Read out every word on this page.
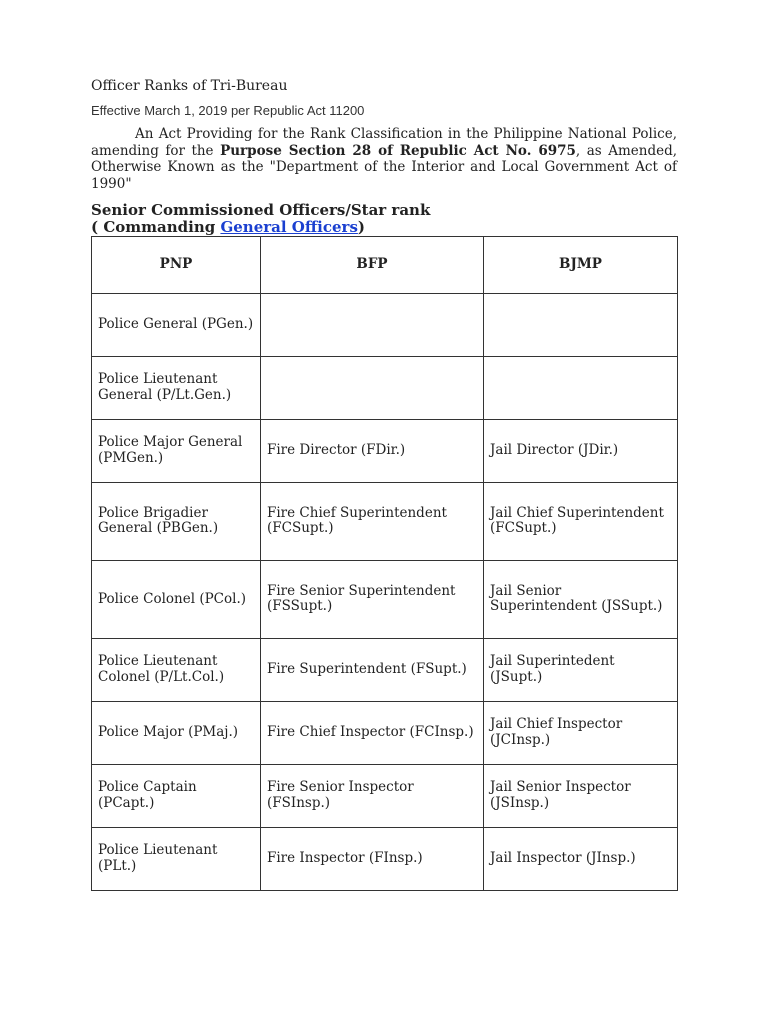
Officer Ranks of Tri-Bureau
Effective March 1, 2019 per Republic Act 11200
An Act Providing for the Rank Classification in the Philippine National Police, amending for the Purpose Section 28 of Republic Act No. 6975, as Amended, Otherwise Known as the "Department of the Interior and Local Government Act of 1990"
Senior Commissioned Officers/Star rank
( Commanding General Officers)
PNP	BFP	BJMP
Police General (PGen.)		
Police Lieutenant General (P/Lt.Gen.)		
Police Major General (PMGen.)	Fire Director (FDir.)	Jail Director (JDir.)
Police Brigadier General (PBGen.)	Fire Chief Superintendent (FCSupt.)	Jail Chief Superintendent (FCSupt.)
Police Colonel (PCol.)	Fire Senior Superintendent (FSSupt.)	Jail Senior Superintendent (JSSupt.)
Police Lieutenant Colonel (P/Lt.Col.)	Fire Superintendent (FSupt.)	Jail Superintedent (JSupt.)
Police Major (PMaj.)	Fire Chief Inspector (FCInsp.)	Jail Chief Inspector (JCInsp.)
Police Captain (PCapt.)	Fire Senior Inspector (FSInsp.)	Jail Senior Inspector (JSInsp.)
Police Lieutenant (PLt.)	Fire Inspector (FInsp.)	Jail Inspector (JInsp.)
